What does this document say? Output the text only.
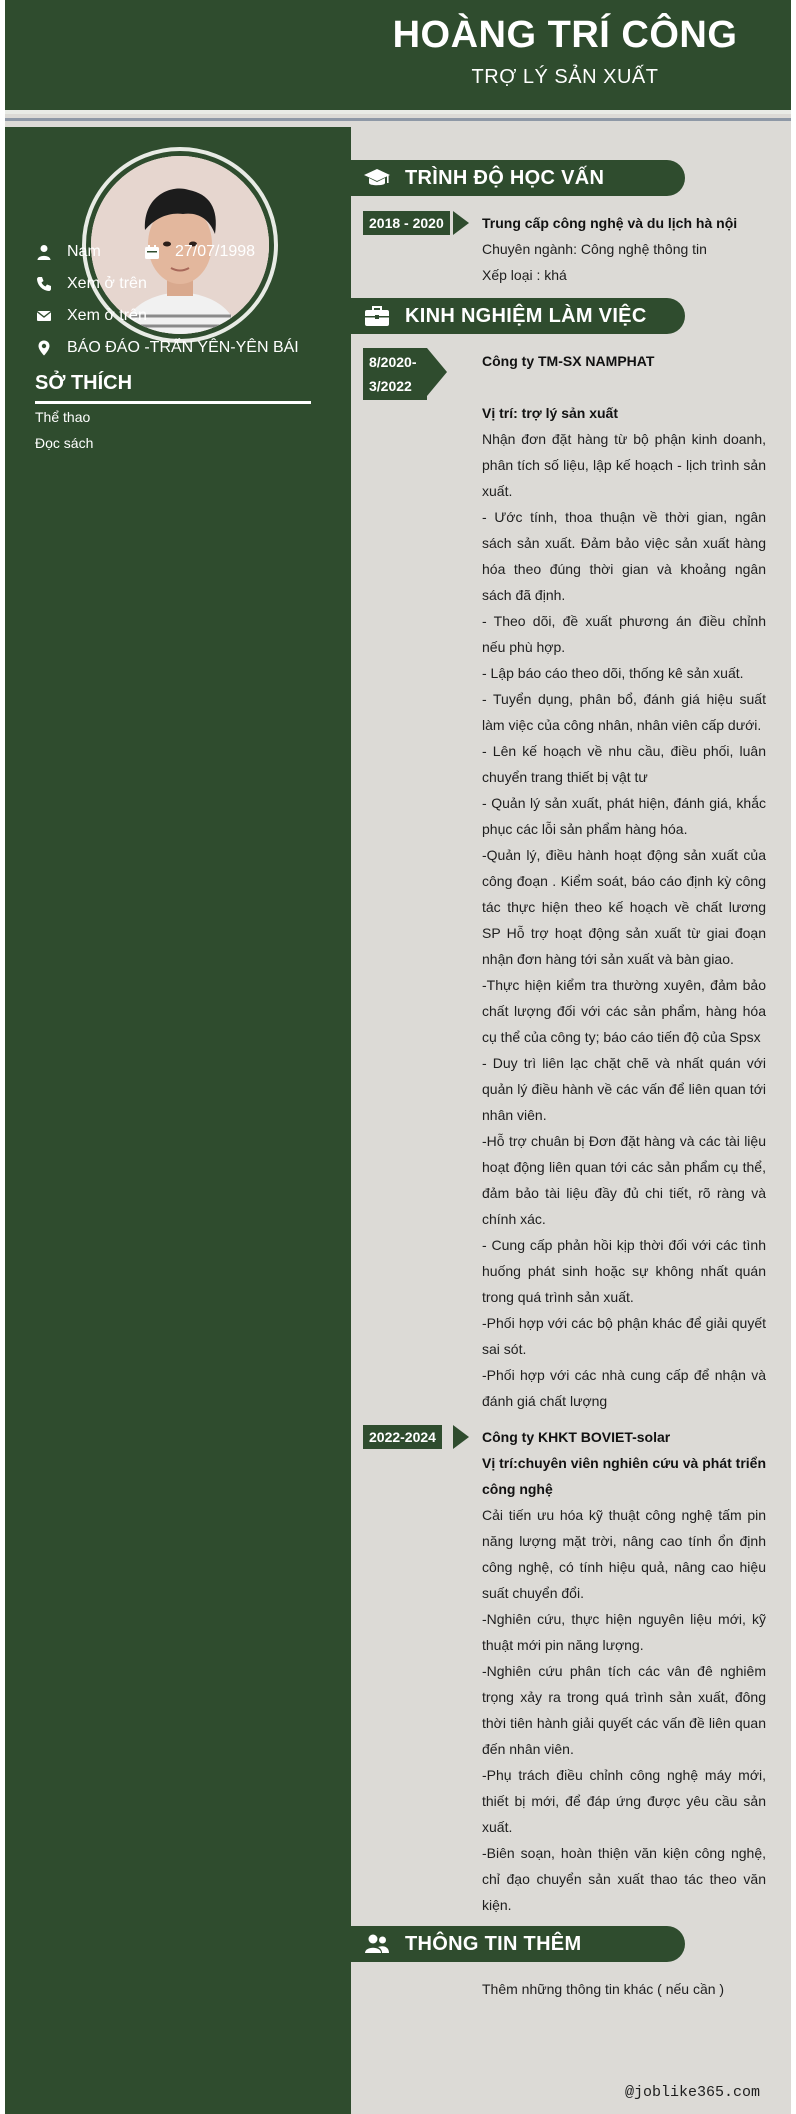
HOÀNG TRÍ CÔNG
TRỢ LÝ SẢN XUẤT
Nam	27/07/1998
Xem ở trên
Xem ở trên
BÁO ĐÁO -TRẤN YÊN-YÊN BÁI
SỞ THÍCH
Thể thao
Đọc sách
TRÌNH ĐỘ HỌC VẤN
2018 - 2020	Trung cấp công nghệ và du lịch hà nội

Chuyên ngành: Công nghệ thông tin

Xếp loại : khá

KINH NGHIỆM LÀM VIỆC
8/2020-
3/2022

Công ty TM-SX NAMPHAT

Vị trí: trợ lý sản xuất

Nhận đơn đặt hàng từ bộ phận kinh doanh, phân tích số liệu, lập kế hoạch - lịch trình sản xuất.

- Ước tính, thoa thuận về thời gian, ngân sách sản xuất. Đảm bảo việc sản xuất hàng hóa theo đúng thời gian và khoảng ngân sách đã định.

- Theo dõi, đề xuất phương án điều chỉnh nếu phù hợp.

- Lập báo cáo theo dõi, thống kê sản xuất.

- Tuyển dụng, phân bổ, đánh giá hiệu suất làm việc của công nhân, nhân viên cấp dưới.

- Lên kế hoạch về nhu cầu, điều phối, luân chuyển trang thiết bị vật tư

- Quản lý sản xuất, phát hiện, đánh giá, khắc phục các lỗi sản phẩm hàng hóa.

-Quản lý, điều hành hoạt động sản xuất của công đoạn . Kiểm soát, báo cáo định kỳ công tác thực hiện theo kế hoạch về chất lương SP Hỗ trợ hoạt động sản xuất từ giai đoạn nhận đơn hàng tới sản xuất và bàn giao.

-Thực hiện kiểm tra thường xuyên, đảm bảo chất lượng đối với các sản phẩm, hàng hóa cụ thể của công ty; báo cáo tiến độ của Spsx

- Duy trì liên lạc chặt chẽ và nhất quán với quản lý điều hành về các vấn để liên quan tới nhân viên.

-Hỗ trợ chuân bị Đơn đặt hàng và các tài liệu hoạt động liên quan tới các sản phẩm cụ thể, đảm bảo tài liệu đầy đủ chi tiết, rõ ràng và chính xác.

- Cung cấp phản hồi kịp thời đối với các tình huống phát sinh hoặc sự không nhất quán trong quá trình sản xuất.

-Phối hợp với các bộ phận khác để giải quyết sai sót.

-Phối hợp với các nhà cung cấp để nhận và đánh giá chất lượng

2022-2024	Công ty KHKT BOVIET-solar

Vị trí:chuyên viên nghiên cứu và phát triển công nghệ

Cải tiến ưu hóa kỹ thuật công nghệ tấm pin năng lượng mặt trời, nâng cao tính ổn định công nghệ, có tính hiệu quả, nâng cao hiệu suất chuyển đổi.

-Nghiên cứu, thực hiện nguyên liệu mới, kỹ thuật mới pin năng lượng.

-Nghiên cứu phân tích các vân đê nghiêm trọng xảy ra trong quá trình sản xuất, đông thời tiên hành giải quyết các vấn đề liên quan đến nhân viên.

-Phụ trách điều chỉnh công nghệ máy mới, thiết bị mới, để đáp ứng được yêu cầu sản xuất.

-Biên soạn, hoàn thiện văn kiện công nghệ, chỉ đạo chuyển sản xuất thao tác theo văn kiện.

THÔNG TIN THÊM

Thêm những thông tin khác ( nếu cần )

@joblike365.com
